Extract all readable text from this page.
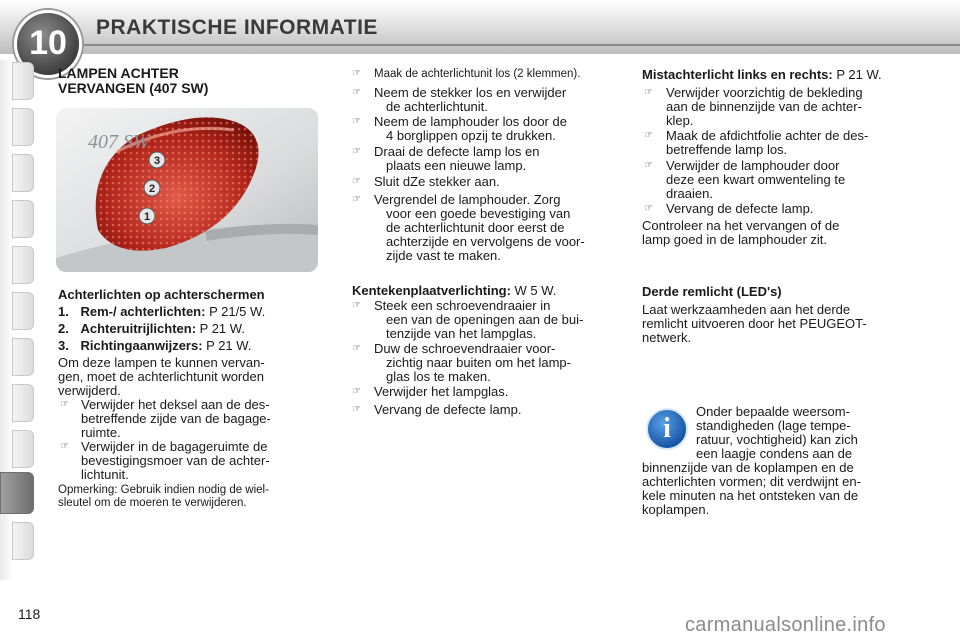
10	PRAKTISCHE INFORMATIE
LAMPEN ACHTER
VERVANGEN (407 SW)
407 SW
3
2
1
Achterlichten op achterschermen
1. Rem-/ achterlichten: P 21/5 W.
2. Achteruitrijlichten: P 21 W.
3. Richtingaanwijzers: P 21 W.
Om deze lampen te kunnen vervan-
gen, moet de achterlichtunit worden
verwijderd.
☞ Verwijder het deksel aan de des-
betreffende zijde van de bagage-
ruimte.
☞ Verwijder in de bagageruimte de
bevestigingsmoer van de achter-
lichtunit.
Opmerking: Gebruik indien nodig de wiel-
sleutel om de moeren te verwijderen.
☞ Maak de achterlichtunit los (2 klemmen).
☞ Neem de stekker los en verwijder
de achterlichtunit.
☞ Neem de lamphouder los door de
4 borglippen opzij te drukken.
☞ Draai de defecte lamp los en
plaats een nieuwe lamp.
☞ Sluit dZe stekker aan.
☞ Vergrendel de lamphouder. Zorg
voor een goede bevestiging van
de achterlichtunit door eerst de
achterzijde en vervolgens de voor-
zijde vast te maken.
Kentekenplaatverlichting: W 5 W.
☞ Steek een schroevendraaier in
een van de openingen aan de bui-
tenzijde van het lampglas.
☞ Duw de schroevendraaier voor-
zichtig naar buiten om het lamp-
glas los te maken.
☞ Verwijder het lampglas.
☞ Vervang de defecte lamp.
Mistachterlicht links en rechts: P 21 W.
☞ Verwijder voorzichtig de bekleding
aan de binnenzijde van de achter-
klep.
☞ Maak de afdichtfolie achter de des-
betreffende lamp los.
☞ Verwijder de lamphouder door
deze een kwart omwenteling te
draaien.
☞ Vervang de defecte lamp.
Controleer na het vervangen of de
lamp goed in de lamphouder zit.
Derde remlicht (LED's)
Laat werkzaamheden aan het derde
remlicht uitvoeren door het PEUGEOT-
netwerk.
i
Onder bepaalde weersom-
standigheden (lage tempe-
ratuur, vochtigheid) kan zich
een laagje condens aan de
binnenzijde van de koplampen en de
achterlichten vormen; dit verdwijnt en-
kele minuten na het ontsteken van de
koplampen.
118	carmanualsonline.info
